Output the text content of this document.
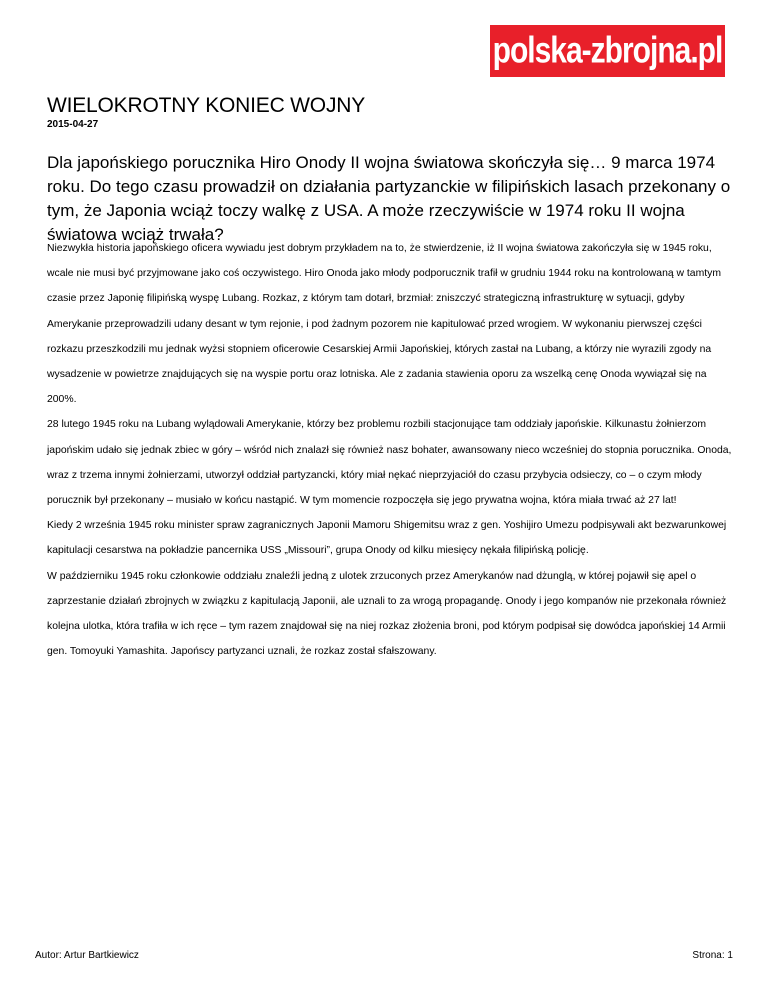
polska-zbrojna.pl
WIELOKROTNY KONIEC WOJNY
2015-04-27

Dla japońskiego porucznika Hiro Onody II wojna światowa skończyła się… 9 marca 1974 roku. Do tego czasu prowadził on działania partyzanckie w filipińskich lasach przekonany o tym, że Japonia wciąż toczy walkę z USA. A może rzeczywiście w 1974 roku II wojna światowa wciąż trwała?

Niezwykła historia japońskiego oficera wywiadu jest dobrym przykładem na to, że stwierdzenie, iż II wojna światowa zakończyła się w 1945 roku, wcale nie musi być przyjmowane jako coś oczywistego. Hiro Onoda jako młody podporucznik trafił w grudniu 1944 roku na kontrolowaną w tamtym czasie przez Japonię filipińską wyspę Lubang. Rozkaz, z którym tam dotarł, brzmiał: zniszczyć strategiczną infrastrukturę w sytuacji, gdyby Amerykanie przeprowadzili udany desant w tym rejonie, i pod żadnym pozorem nie kapitulować przed wrogiem. W wykonaniu pierwszej części rozkazu przeszkodzili mu jednak wyżsi stopniem oficerowie Cesarskiej Armii Japońskiej, których zastał na Lubang, a którzy nie wyrazili zgody na wysadzenie w powietrze znajdujących się na wyspie portu oraz lotniska. Ale z zadania stawienia oporu za wszelką cenę Onoda wywiązał się na 200%.

28 lutego 1945 roku na Lubang wylądowali Amerykanie, którzy bez problemu rozbili stacjonujące tam oddziały japońskie. Kilkunastu żołnierzom japońskim udało się jednak zbiec w góry – wśród nich znalazł się również nasz bohater, awansowany nieco wcześniej do stopnia porucznika. Onoda, wraz z trzema innymi żołnierzami, utworzył oddział partyzancki, który miał nękać nieprzyjaciół do czasu przybycia odsieczy, co – o czym młody porucznik był przekonany – musiało w końcu nastąpić. W tym momencie rozpoczęła się jego prywatna wojna, która miała trwać aż 27 lat!

Kiedy 2 września 1945 roku minister spraw zagranicznych Japonii Mamoru Shigemitsu wraz z gen. Yoshijiro Umezu podpisywali akt bezwarunkowej kapitulacji cesarstwa na pokładzie pancernika USS „Missouri”, grupa Onody od kilku miesięcy nękała filipińską policję.

W październiku 1945 roku członkowie oddziału znaleźli jedną z ulotek zrzuconych przez Amerykanów nad dżunglą, w której pojawił się apel o zaprzestanie działań zbrojnych w związku z kapitulacją Japonii, ale uznali to za wrogą propagandę. Onody i jego kompanów nie przekonała również kolejna ulotka, która trafiła w ich ręce – tym razem znajdował się na niej rozkaz złożenia broni, pod którym podpisał się dowódca japońskiej 14 Armii gen. Tomoyuki Yamashita. Japońscy partyzanci uznali, że rozkaz został sfałszowany.

Autor: Artur Bartkiewicz	Strona: 1
